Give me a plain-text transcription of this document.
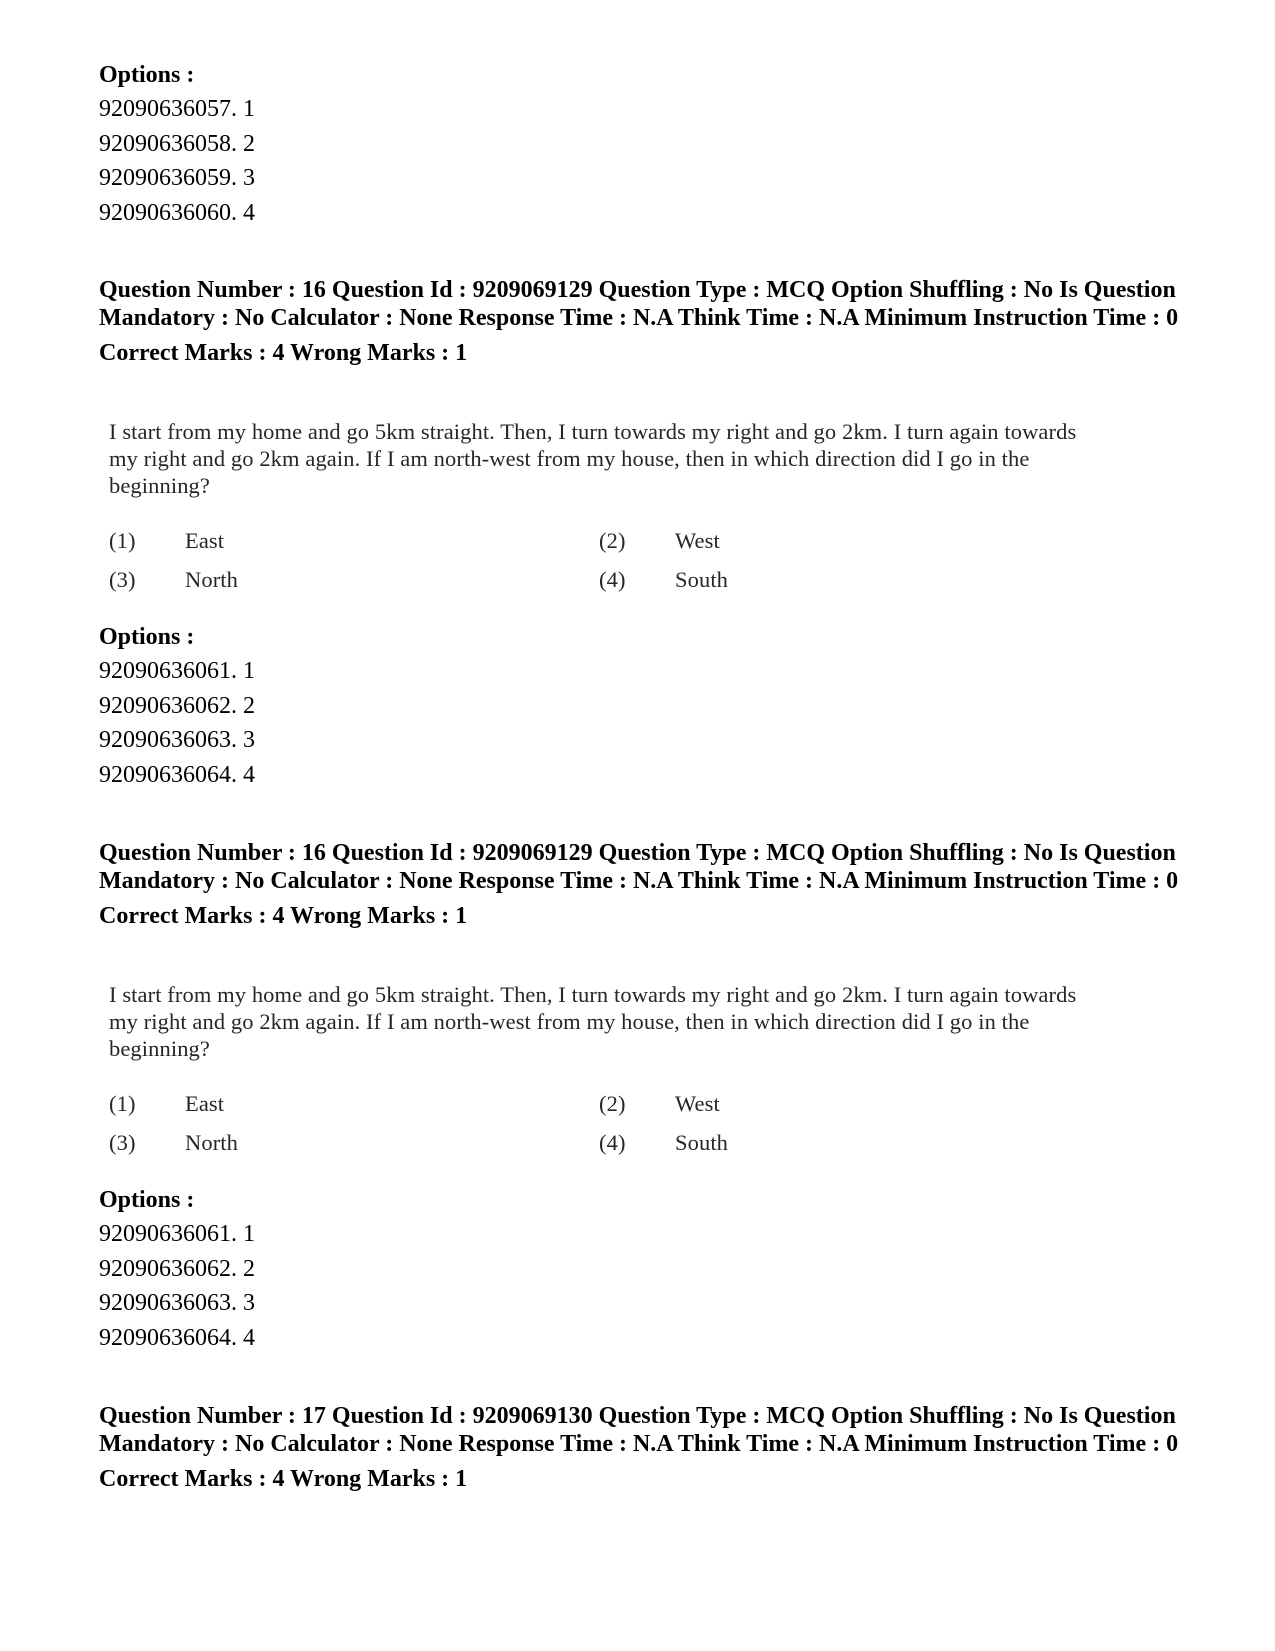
Options :
92090636057. 1
92090636058. 2
92090636059. 3
92090636060. 4
Question Number : 16 Question Id : 9209069129 Question Type : MCQ Option Shuffling : No Is Question Mandatory : No Calculator : None Response Time : N.A Think Time : N.A Minimum Instruction Time : 0
Correct Marks : 4 Wrong Marks : 1
I start from my home and go 5km straight. Then, I turn towards my right and go 2km. I turn again towards my right and go 2km again. If I am north-west from my house, then in which direction did I go in the beginning?
(1) East	(2) West
(3) North	(4) South
Options :
92090636061. 1
92090636062. 2
92090636063. 3
92090636064. 4
Question Number : 16 Question Id : 9209069129 Question Type : MCQ Option Shuffling : No Is Question Mandatory : No Calculator : None Response Time : N.A Think Time : N.A Minimum Instruction Time : 0
Correct Marks : 4 Wrong Marks : 1
I start from my home and go 5km straight. Then, I turn towards my right and go 2km. I turn again towards my right and go 2km again. If I am north-west from my house, then in which direction did I go in the beginning?
(1) East	(2) West
(3) North	(4) South
Options :
92090636061. 1
92090636062. 2
92090636063. 3
92090636064. 4
Question Number : 17 Question Id : 9209069130 Question Type : MCQ Option Shuffling : No Is Question Mandatory : No Calculator : None Response Time : N.A Think Time : N.A Minimum Instruction Time : 0
Correct Marks : 4 Wrong Marks : 1
